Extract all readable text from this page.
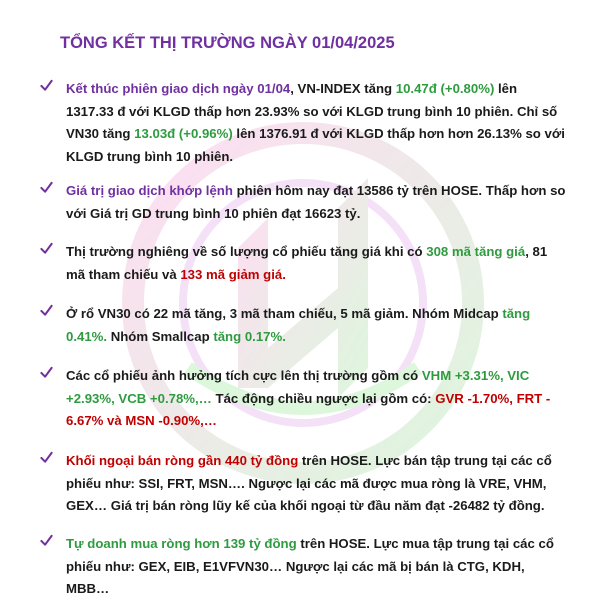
TỔNG KẾT THỊ TRƯỜNG NGÀY 01/04/2025

Kết thúc phiên giao dịch ngày 01/04, VN-INDEX tăng 10.47đ (+0.80%) lên 1317.33 đ với KLGD thấp hơn 23.93% so với KLGD trung bình 10 phiên. Chỉ số VN30 tăng 13.03đ (+0.96%) lên 1376.91 đ với KLGD thấp hơn hơn 26.13% so với KLGD trung bình 10 phiên.

Giá trị giao dịch khớp lệnh phiên hôm nay đạt 13586 tỷ trên HOSE. Thấp hơn so với Giá trị GD trung bình 10 phiên đạt 16623 tỷ.

Thị trường nghiêng về số lượng cổ phiếu tăng giá khi có 308 mã tăng giá, 81 mã tham chiếu và 133 mã giảm giá.

Ở rổ VN30 có 22 mã tăng, 3 mã tham chiếu, 5 mã giảm. Nhóm Midcap tăng 0.41%. Nhóm Smallcap tăng 0.17%.

Các cổ phiếu ảnh hưởng tích cực lên thị trường gồm có VHM +3.31%, VIC +2.93%, VCB +0.78%,… Tác động chiều ngược lại gồm có: GVR -1.70%, FRT - 6.67% và MSN -0.90%,…

Khối ngoại bán ròng gần 440 tỷ đồng trên HOSE. Lực bán tập trung tại các cổ phiếu như: SSI, FRT, MSN…. Ngược lại các mã được mua ròng là VRE, VHM, GEX… Giá trị bán ròng lũy kế của khối ngoại từ đầu năm đạt -26482 tỷ đồng.

Tự doanh mua ròng hơn 139 tỷ đồng trên HOSE. Lực mua tập trung tại các cổ phiếu như: GEX, EIB, E1VFVN30… Ngược lại các mã bị bán là CTG, KDH, MBB…
